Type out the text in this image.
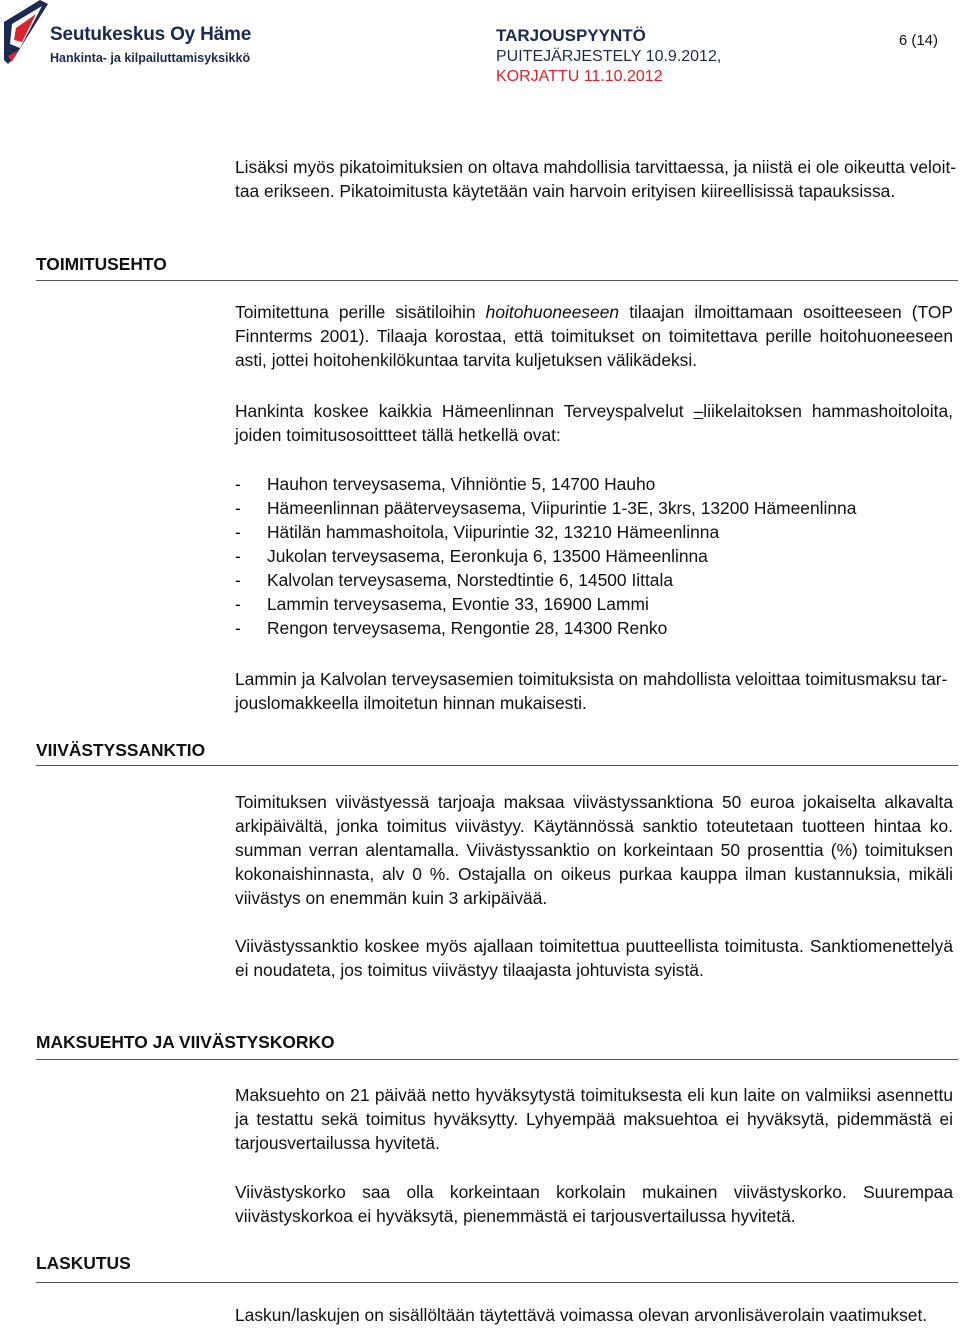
Seutukeskus Oy Häme
Hankinta- ja kilpailuttamisyksikkö
TARJOUSPYYNTÖ
PUITEJÄRJESTELY 10.9.2012,
KORJATTU 11.10.2012
6 (14)
Lisäksi myös pikatoimituksien on oltava mahdollisia tarvittaessa, ja niistä ei ole oikeutta veloit-
taa erikseen. Pikatoimitusta käytetään vain harvoin erityisen kiireellisissä tapauksissa.
TOIMITUSEHTO
Toimitettuna perille sisätiloihin hoitohuoneeseen tilaajan ilmoittamaan osoitteeseen (TOP Finnterms 2001). Tilaaja korostaa, että toimitukset on toimitettava perille hoitohuoneeseen asti, jottei hoitohenkilökuntaa tarvita kuljetuksen välikädeksi.
Hankinta koskee kaikkia Hämeenlinnan Terveyspalvelut –liikelaitoksen hammashoitoloita, joiden toimitusosoittteet tällä hetkellä ovat:
- Hauhon terveysasema, Vihniöntie 5, 14700 Hauho
- Hämeenlinnan pääterveysasema, Viipurintie 1-3E, 3krs, 13200 Hämeenlinna
- Hätilän hammashoitola, Viipurintie 32, 13210 Hämeenlinna
- Jukolan terveysasema, Eeronkuja 6, 13500 Hämeenlinna
- Kalvolan terveysasema, Norstedtintie 6, 14500 Iittala
- Lammin terveysasema, Evontie 33, 16900 Lammi
- Rengon terveysasema, Rengontie 28, 14300 Renko
Lammin ja Kalvolan terveysasemien toimituksista on mahdollista veloittaa toimitusmaksu tar-
jouslomakkeella ilmoitetun hinnan mukaisesti.
VIIVÄSTYSSANKTIO
Toimituksen viivästyessä tarjoaja maksaa viivästyssanktiona 50 euroa jokaiselta alkavalta arkipäivältä, jonka toimitus viivästyy. Käytännössä sanktio toteutetaan tuotteen hintaa ko. summan verran alentamalla. Viivästyssanktio on korkeintaan 50 prosenttia (%) toimituksen kokonaishinnasta, alv 0 %. Ostajalla on oikeus purkaa kauppa ilman kustannuksia, mikäli viivästys on enemmän kuin 3 arkipäivää.
Viivästyssanktio koskee myös ajallaan toimitettua puutteellista toimitusta. Sanktiomenettelyä ei noudateta, jos toimitus viivästyy tilaajasta johtuvista syistä.
MAKSUEHTO JA VIIVÄSTYSKORKO
Maksuehto on 21 päivää netto hyväksytystä toimituksesta eli kun laite on valmiiksi asennettu ja testattu sekä toimitus hyväksytty. Lyhyempää maksuehtoa ei hyväksytä, pidemmästä ei tarjousvertailussa hyvitetä.
Viivästyskorko saa olla korkeintaan korkolain mukainen viivästyskorko. Suurempaa viivästyskorkoa ei hyväksytä, pienemmästä ei tarjousvertailussa hyvitetä.
LASKUTUS
Laskun/laskujen on sisällöltään täytettävä voimassa olevan arvonlisäverolain vaatimukset.
